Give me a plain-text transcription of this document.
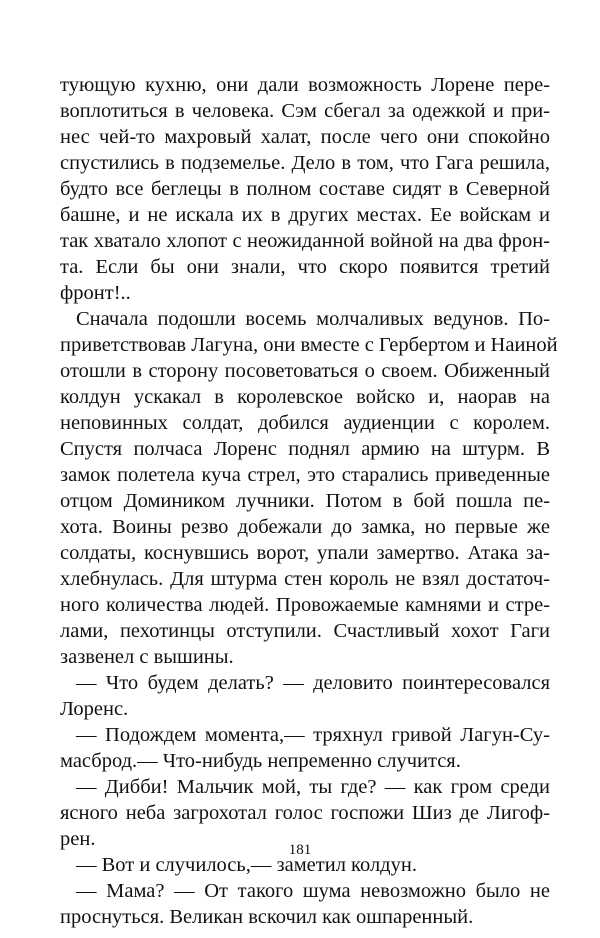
тующую кухню, они дали возможность Лорене пере-
воплотиться в человека. Сэм сбегал за одежкой и при-
нес чей-то махровый халат, после чего они спокойно
спустились в подземелье. Дело в том, что Гага решила,
будто все беглецы в полном составе сидят в Северной
башне, и не искала их в других местах. Ее войскам и
так хватало хлопот с неожиданной войной на два фрон-
та. Если бы они знали, что скоро появится третий
фронт!..
Сначала подошли восемь молчаливых ведунов. По-
приветствовав Лагуна, они вместе с Гербертом и Наиной
отошли в сторону посоветоваться о своем. Обиженный
колдун ускакал в королевское войско и, наорав на
неповинных солдат, добился аудиенции с королем.
Спустя полчаса Лоренс поднял армию на штурм. В
замок полетела куча стрел, это старались приведенные
отцом Домиником лучники. Потом в бой пошла пе-
хота. Воины резво добежали до замка, но первые же
солдаты, коснувшись ворот, упали замертво. Атака за-
хлебнулась. Для штурма стен король не взял достаточ-
ного количества людей. Провожаемые камнями и стре-
лами, пехотинцы отступили. Счастливый хохот Гаги
зазвенел с вышины.
— Что будем делать? — деловито поинтересовался
Лоренс.
— Подождем момента,— тряхнул гривой Лагун-Су-
масброд.— Что-нибудь непременно случится.
— Дибби! Мальчик мой, ты где? — как гром среди
ясного неба загрохотал голос госпожи Шиз де Лигоф-
рен.
— Вот и случилось,— заметил колдун.
— Мама? — От такого шума невозможно было не
проснуться. Великан вскочил как ошпаренный.
181
